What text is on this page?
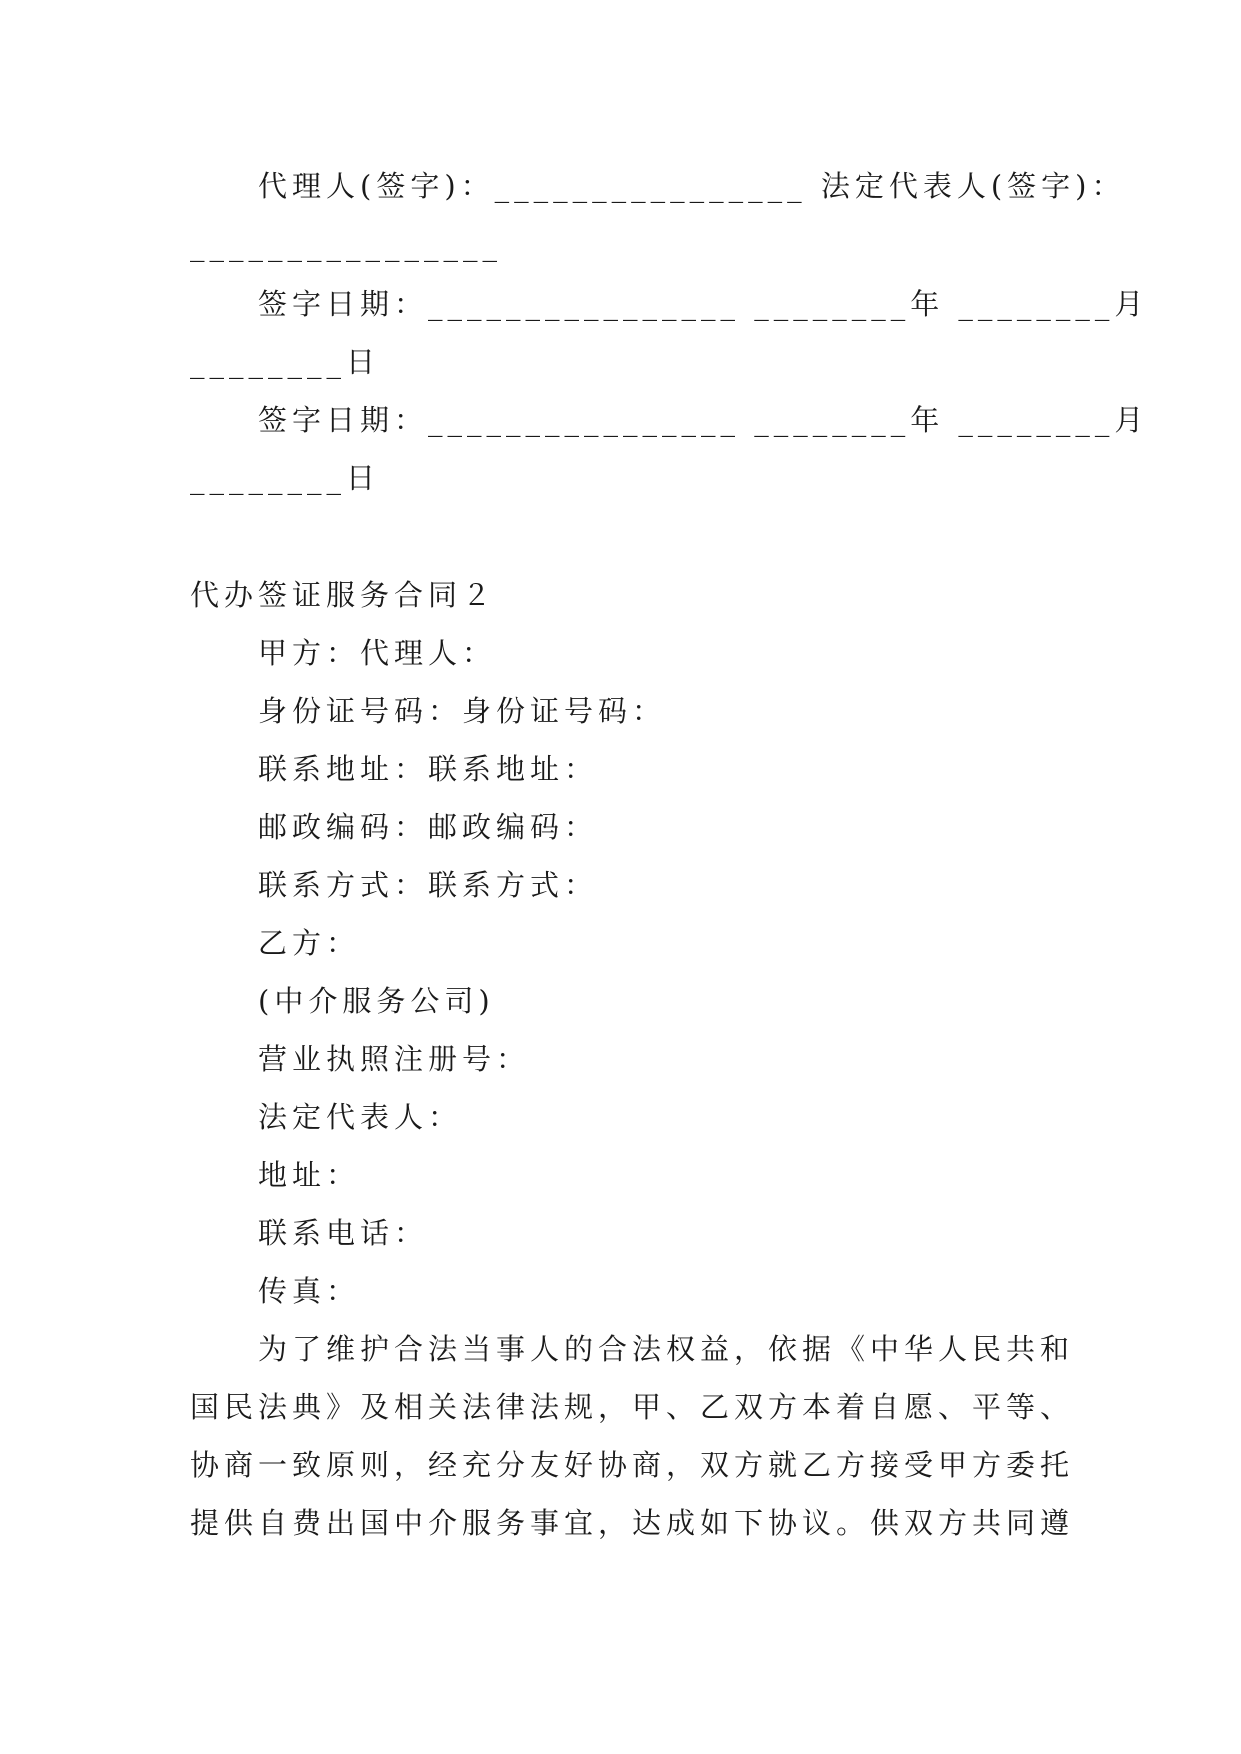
代理人(签字)：________________ 法定代表人(签字)：
________________
签字日期：________________ ________年 ________月
________日
签字日期：________________ ________年 ________月
________日
代办签证服务合同２
甲方：代理人：
身份证号码：身份证号码：
联系地址：联系地址：
邮政编码：邮政编码：
联系方式：联系方式：
乙方：
(中介服务公司)
营业执照注册号：
法定代表人：
地址：
联系电话：
传真：
为了维护合法当事人的合法权益，依据《中华人民共和
国民法典》及相关法律法规，甲、乙双方本着自愿、平等、
协商一致原则，经充分友好协商，双方就乙方接受甲方委托
提供自费出国中介服务事宜，达成如下协议。供双方共同遵
